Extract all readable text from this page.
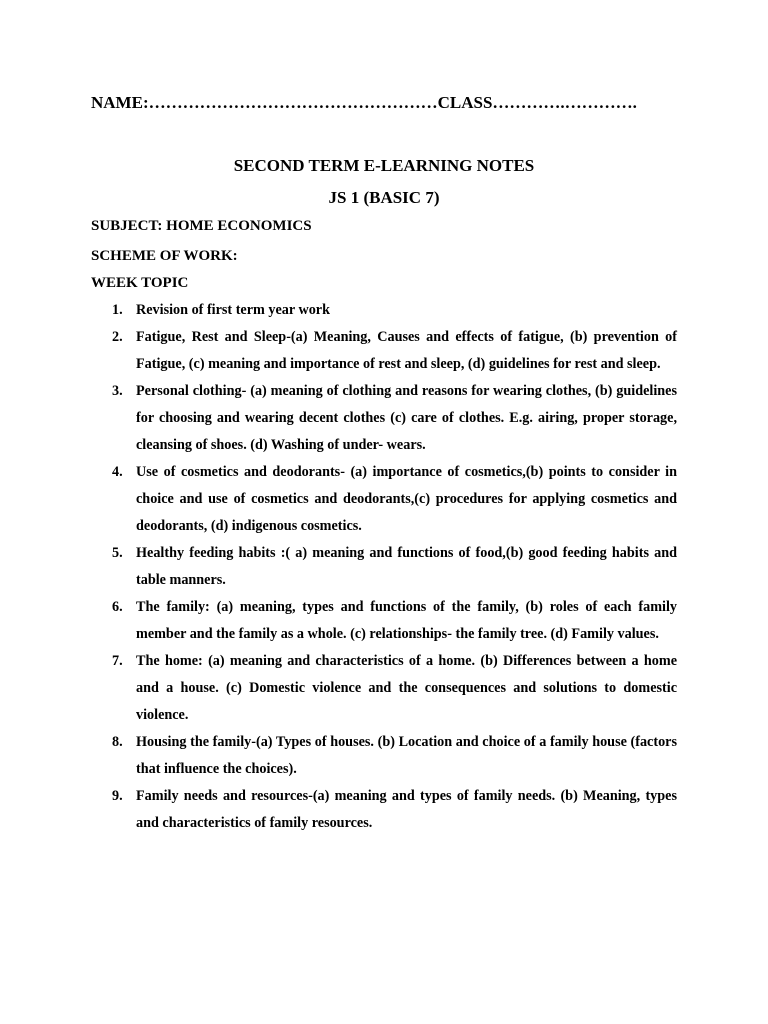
NAME:……………………………………………CLASS………….………….
SECOND TERM E-LEARNING NOTES
JS 1 (BASIC 7)
SUBJECT: HOME ECONOMICS
SCHEME OF WORK:
WEEK TOPIC
1. Revision of first term year work
2. Fatigue, Rest and Sleep-(a) Meaning, Causes and effects of fatigue, (b) prevention of Fatigue, (c) meaning and importance of rest and sleep, (d) guidelines for rest and sleep.
3. Personal clothing- (a) meaning of clothing and reasons for wearing clothes, (b) guidelines for choosing and wearing decent clothes (c) care of clothes. E.g. airing, proper storage, cleansing of shoes. (d) Washing of under- wears.
4. Use of cosmetics and deodorants- (a) importance of cosmetics,(b) points to consider in choice and use of cosmetics and deodorants,(c) procedures for applying cosmetics and deodorants, (d) indigenous cosmetics.
5. Healthy feeding habits :( a) meaning and functions of food,(b) good feeding habits and table manners.
6. The family: (a) meaning, types and functions of the family, (b) roles of each family member and the family as a whole. (c) relationships- the family tree. (d) Family values.
7. The home: (a) meaning and characteristics of a home. (b) Differences between a home and a house. (c) Domestic violence and the consequences and solutions to domestic violence.
8. Housing the family-(a) Types of houses. (b) Location and choice of a family house (factors that influence the choices).
9. Family needs and resources-(a) meaning and types of family needs. (b) Meaning, types and characteristics of family resources.
